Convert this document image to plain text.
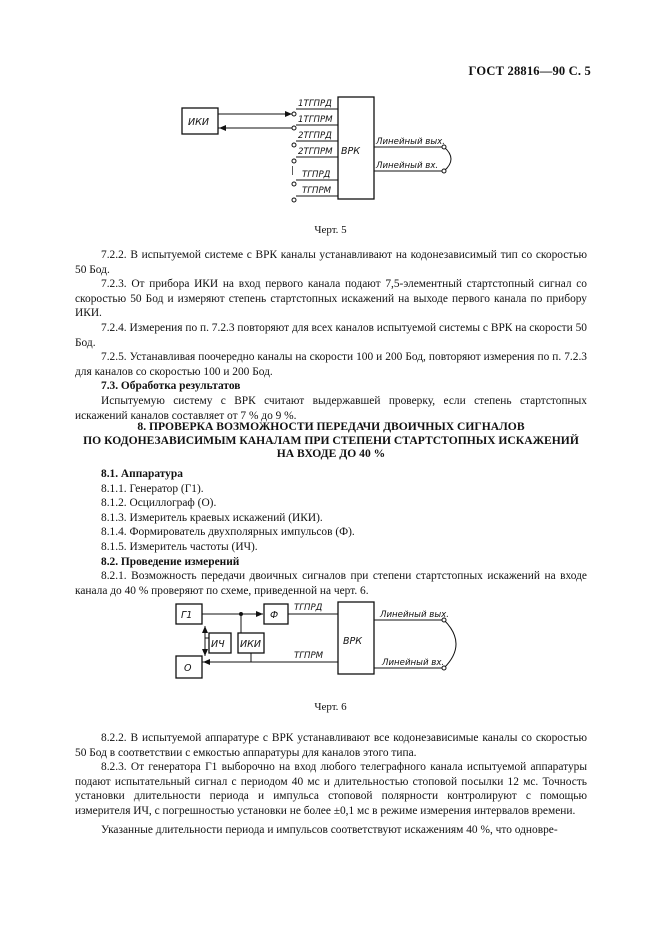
ГОСТ 28816—90 С. 5
ИКИ
ВРК
1ТГПРД
1ТГПРМ
2ТГПРД
2ТГПРМ
| ТГПРД
ТГПРМ
Линейный вых.
Линейный вх.
Черт. 5

7.2.2. В испытуемой системе с ВРК каналы устанавливают на кодонезависимый тип со скоростью 50 Бод.

7.2.3. От прибора ИКИ на вход первого канала подают 7,5-элементный стартстопный сигнал со скоростью 50 Бод и измеряют степень стартстопных искажений на выходе первого канала по прибору ИКИ.

7.2.4. Измерения по п. 7.2.3 повторяют для всех каналов испытуемой системы с ВРК на скорости 50 Бод.

7.2.5. Устанавливая поочередно каналы на скорости 100 и 200 Бод, повторяют измерения по п. 7.2.3 для каналов со скоростью 100 и 200 Бод.

7.3. Обработка результатов

Испытуемую систему с ВРК считают выдержавшей проверку, если степень стартстопных искажений каналов составляет от 7 % до 9 %.

8. ПРОВЕРКА ВОЗМОЖНОСТИ ПЕРЕДАЧИ ДВОИЧНЫХ СИГНАЛОВ
ПО КОДОНЕЗАВИСИМЫМ КАНАЛАМ ПРИ СТЕПЕНИ СТАРТСТОПНЫХ ИСКАЖЕНИЙ
НА ВХОДЕ ДО 40 %

8.1. Аппаратура

8.1.1. Генератор (Г1).

8.1.2. Осциллограф (О).

8.1.3. Измеритель краевых искажений (ИКИ).

8.1.4. Формирователь двухполярных импульсов (Ф).

8.1.5. Измеритель частоты (ИЧ).

8.2. Проведение измерений

8.2.1. Возможность передачи двоичных сигналов при степени стартстопных искажений на входе канала до 40 % проверяют по схеме, приведенной на черт. 6.

Г1	Ф
ТГПРД
ИКИ
ИЧ
О
ТГПРМ
ВРК
Линейный вых.
Линейный вх.
Черт. 6

8.2.2. В испытуемой аппаратуре с ВРК устанавливают все кодонезависимые каналы со скоростью 50 Бод в соответствии с емкостью аппаратуры для каналов этого типа.

8.2.3. От генератора Г1 выборочно на вход любого телеграфного канала испытуемой аппаратуры подают испытательный сигнал с периодом 40 мс и длительностью стоповой посылки 12 мс. Точность установки длительности периода и импульса стоповой полярности контролируют с помощью измерителя ИЧ, с погрешностью установки не более ±0,1 мс в режиме измерения интервалов времени.

Указанные длительности периода и импульсов соответствуют искажениям 40 %, что одновре-
